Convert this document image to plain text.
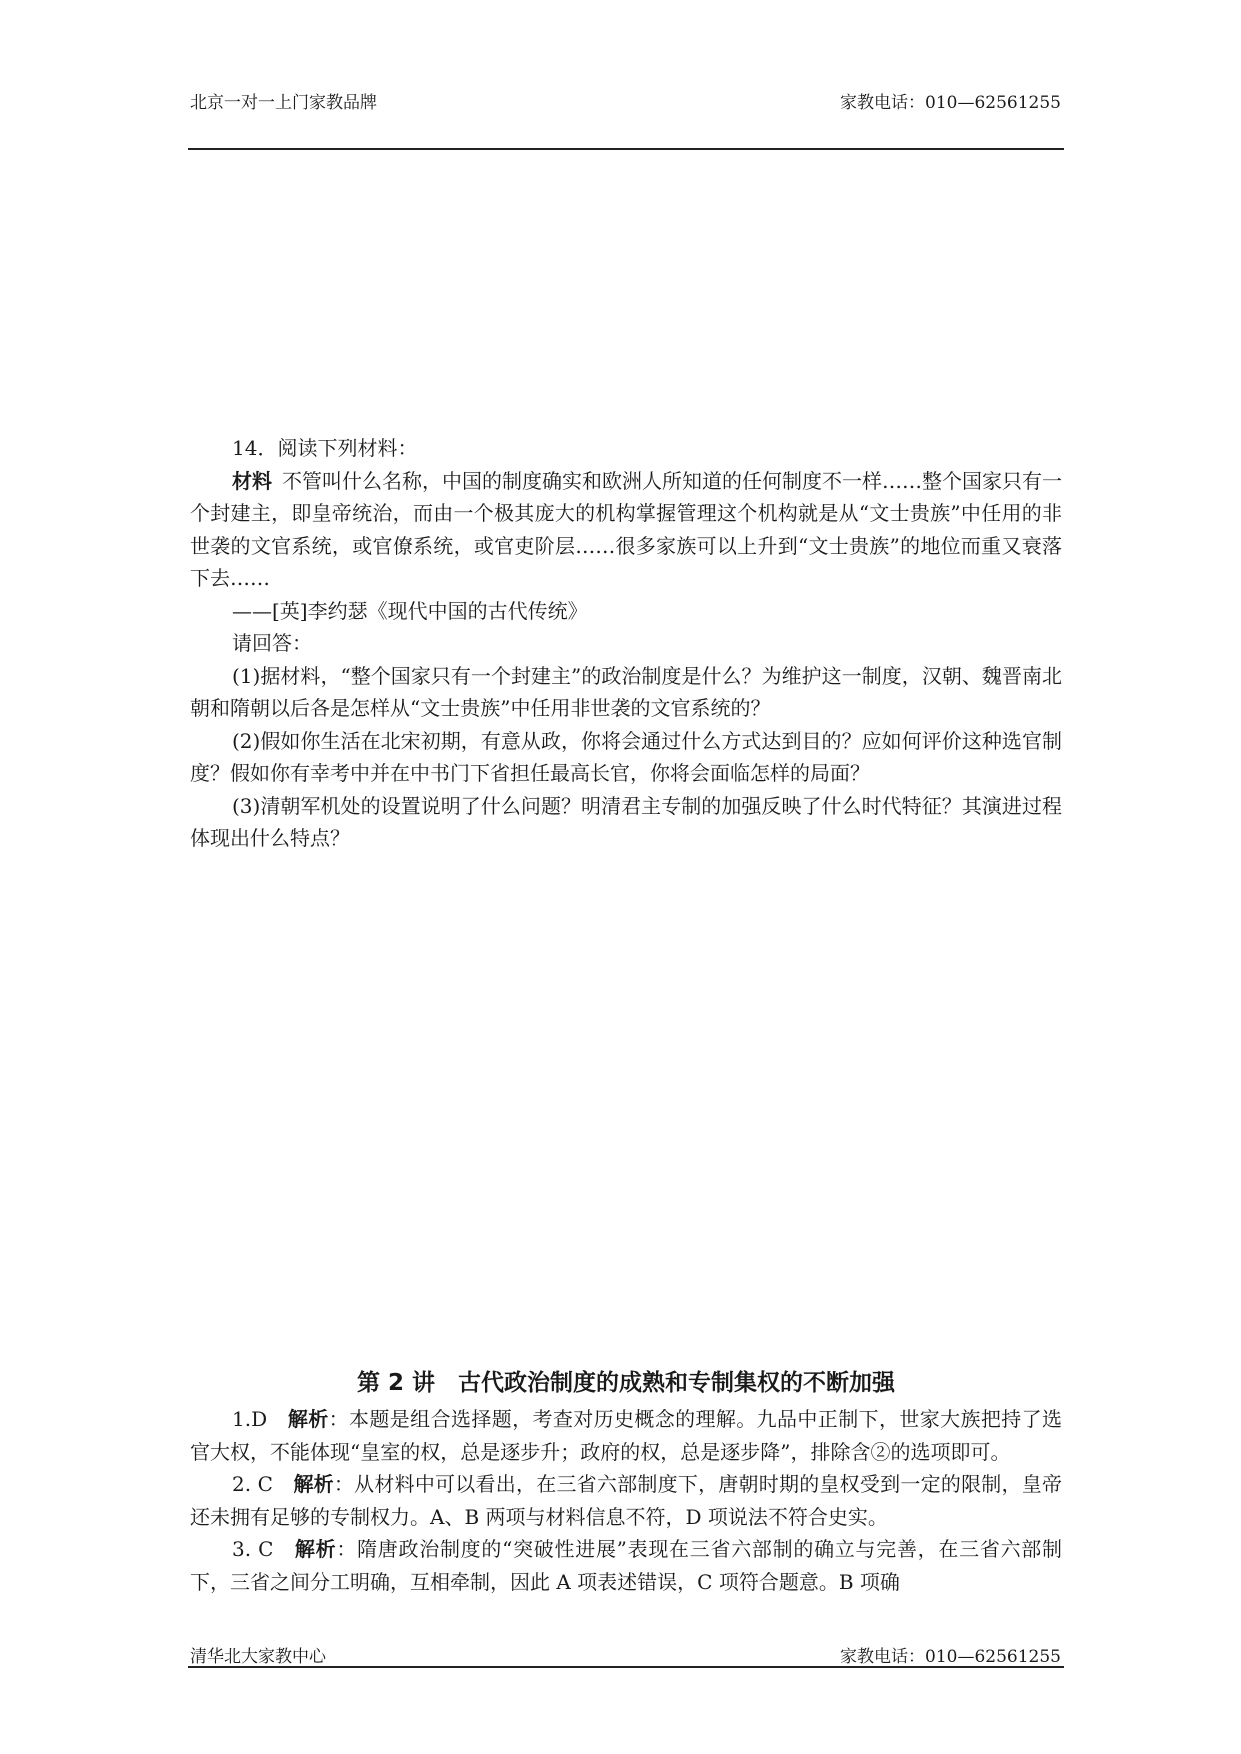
北京一对一上门家教品牌	家教电话：010—62561255

14．阅读下列材料：

材料  不管叫什么名称，中国的制度确实和欧洲人所知道的任何制度不一样……整个国家只有一个封建主，即皇帝统治，而由一个极其庞大的机构掌握管理这个机构就是从“文士贵族”中任用的非世袭的文官系统，或官僚系统，或官吏阶层……很多家族可以上升到“文士贵族”的地位而重又衰落下去……

——[英]李约瑟《现代中国的古代传统》

请回答：

(1)据材料，“整个国家只有一个封建主”的政治制度是什么？为维护这一制度，汉朝、魏晋南北朝和隋朝以后各是怎样从“文士贵族”中任用非世袭的文官系统的？

(2)假如你生活在北宋初期，有意从政，你将会通过什么方式达到目的？应如何评价这种选官制度？假如你有幸考中并在中书门下省担任最高长官，你将会面临怎样的局面？

(3)清朝军机处的设置说明了什么问题？明清君主专制的加强反映了什么时代特征？其演进过程体现出什么特点？

第 2 讲　古代政治制度的成熟和专制集权的不断加强

1.D　解析：本题是组合选择题，考查对历史概念的理解。九品中正制下，世家大族把持了选官大权，不能体现“皇室的权，总是逐步升；政府的权，总是逐步降”，排除含②的选项即可。

2. C　解析：从材料中可以看出，在三省六部制度下，唐朝时期的皇权受到一定的限制，皇帝还未拥有足够的专制权力。A、B 两项与材料信息不符，D 项说法不符合史实。

3. C　解析：隋唐政治制度的“突破性进展”表现在三省六部制的确立与完善，在三省六部制下，三省之间分工明确，互相牵制，因此 A 项表述错误，C 项符合题意。B 项确

清华北大家教中心	家教电话：010—62561255
